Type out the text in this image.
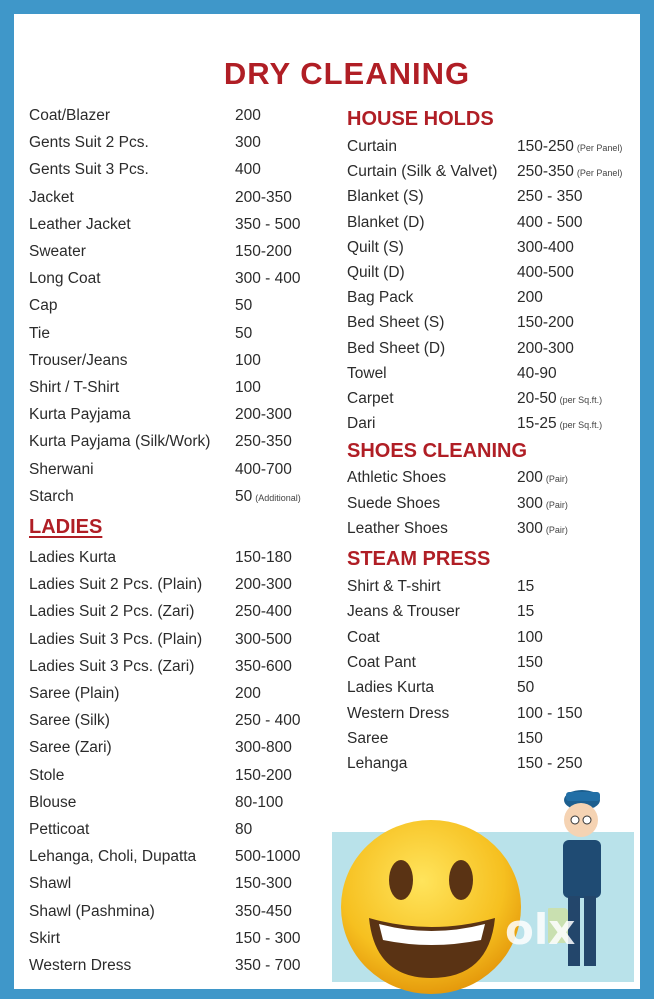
DRY CLEANING
Coat/Blazer	200
Gents Suit 2 Pcs.	300
Gents Suit 3 Pcs.	400
Jacket	200-350
Leather Jacket	350 - 500
Sweater	150-200
Long Coat	300 - 400
Cap	50
Tie	50
Trouser/Jeans	100
Shirt / T-Shirt	100
Kurta Payjama	200-300
Kurta Payjama (Silk/Work) 250-350
Sherwani	400-700
Starch	50 (Additional)
LADIES
Ladies Kurta	150-180
Ladies Suit 2 Pcs. (Plain) 200-300
Ladies Suit 2 Pcs. (Zari)	250-400
Ladies Suit 3 Pcs. (Plain) 300-500
Ladies Suit 3 Pcs. (Zari)	350-600
Saree (Plain)	200
Saree (Silk)	250 - 400
Saree (Zari)	300-800
Stole	150-200
Blouse	80-100
Petticoat	80
Lehanga, Choli, Dupatta	500-1000
Shawl	150-300
Shawl (Pashmina)	350-450
Skirt	150 - 300
Western Dress	350 - 700
HOUSE HOLDS
Curtain	150-250 (Per Panel)
Curtain (Silk & Valvet) 250-350 (Per Panel)
Blanket (S)	250 - 350
Blanket (D)	400 - 500
Quilt (S)	300-400
Quilt (D)	400-500
Bag Pack	200
Bed Sheet (S)	150-200
Bed Sheet (D)	200-300
Towel	40-90
Carpet	20-50 (per Sq.ft.)
Dari	15-25 (per Sq.ft.)
SHOES CLEANING
Athletic Shoes	200 (Pair)
Suede Shoes	300 (Pair)
Leather Shoes	300 (Pair)
STEAM PRESS
Shirt & T-shirt	15
Jeans & Trouser	15
Coat	100
Coat Pant	150
Ladies Kurta	50
Western Dress	100 - 150
Saree	150
Lehanga	150 - 250
olx
